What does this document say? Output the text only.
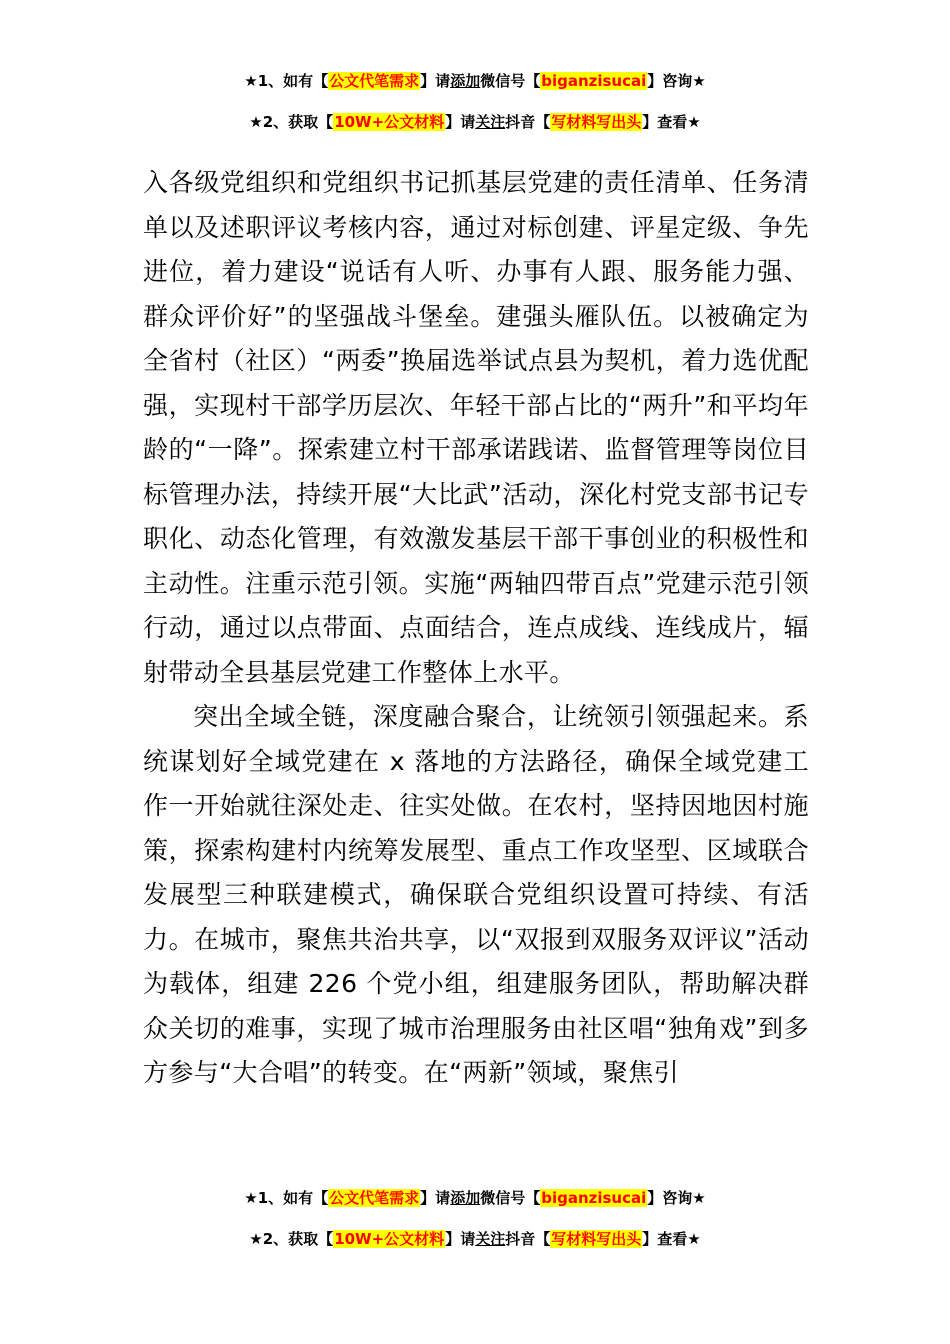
★1、如有【公文代笔需求】请添加微信号【biganzisucai】咨询★
★2、获取【10W+公文材料】请关注抖音【写材料写出头】查看★

入各级党组织和党组织书记抓基层党建的责任清单、任务清单以及述职评议考核内容，通过对标创建、评星定级、争先进位，着力建设“说话有人听、办事有人跟、服务能力强、群众评价好”的坚强战斗堡垒。建强头雁队伍。以被确定为全省村（社区）“两委”换届选举试点县为契机，着力选优配强，实现村干部学历层次、年轻干部占比的“两升”和平均年龄的“一降”。探索建立村干部承诺践诺、监督管理等岗位目标管理办法，持续开展“大比武”活动，深化村党支部书记专职化、动态化管理，有效激发基层干部干事创业的积极性和主动性。注重示范引领。实施“两轴四带百点”党建示范引领行动，通过以点带面、点面结合，连点成线、连线成片，辐射带动全县基层党建工作整体上水平。

突出全域全链，深度融合聚合，让统领引领强起来。系统谋划好全域党建在 x 落地的方法路径，确保全域党建工作一开始就往深处走、往实处做。在农村，坚持因地因村施策，探索构建村内统筹发展型、重点工作攻坚型、区域联合发展型三种联建模式，确保联合党组织设置可持续、有活力。在城市，聚焦共治共享，以“双报到双服务双评议”活动为载体，组建 226 个党小组，组建服务团队，帮助解决群众关切的难事，实现了城市治理服务由社区唱“独角戏”到多方参与“大合唱”的转变。在“两新”领域，聚焦引

★1、如有【公文代笔需求】请添加微信号【biganzisucai】咨询★
★2、获取【10W+公文材料】请关注抖音【写材料写出头】查看★
